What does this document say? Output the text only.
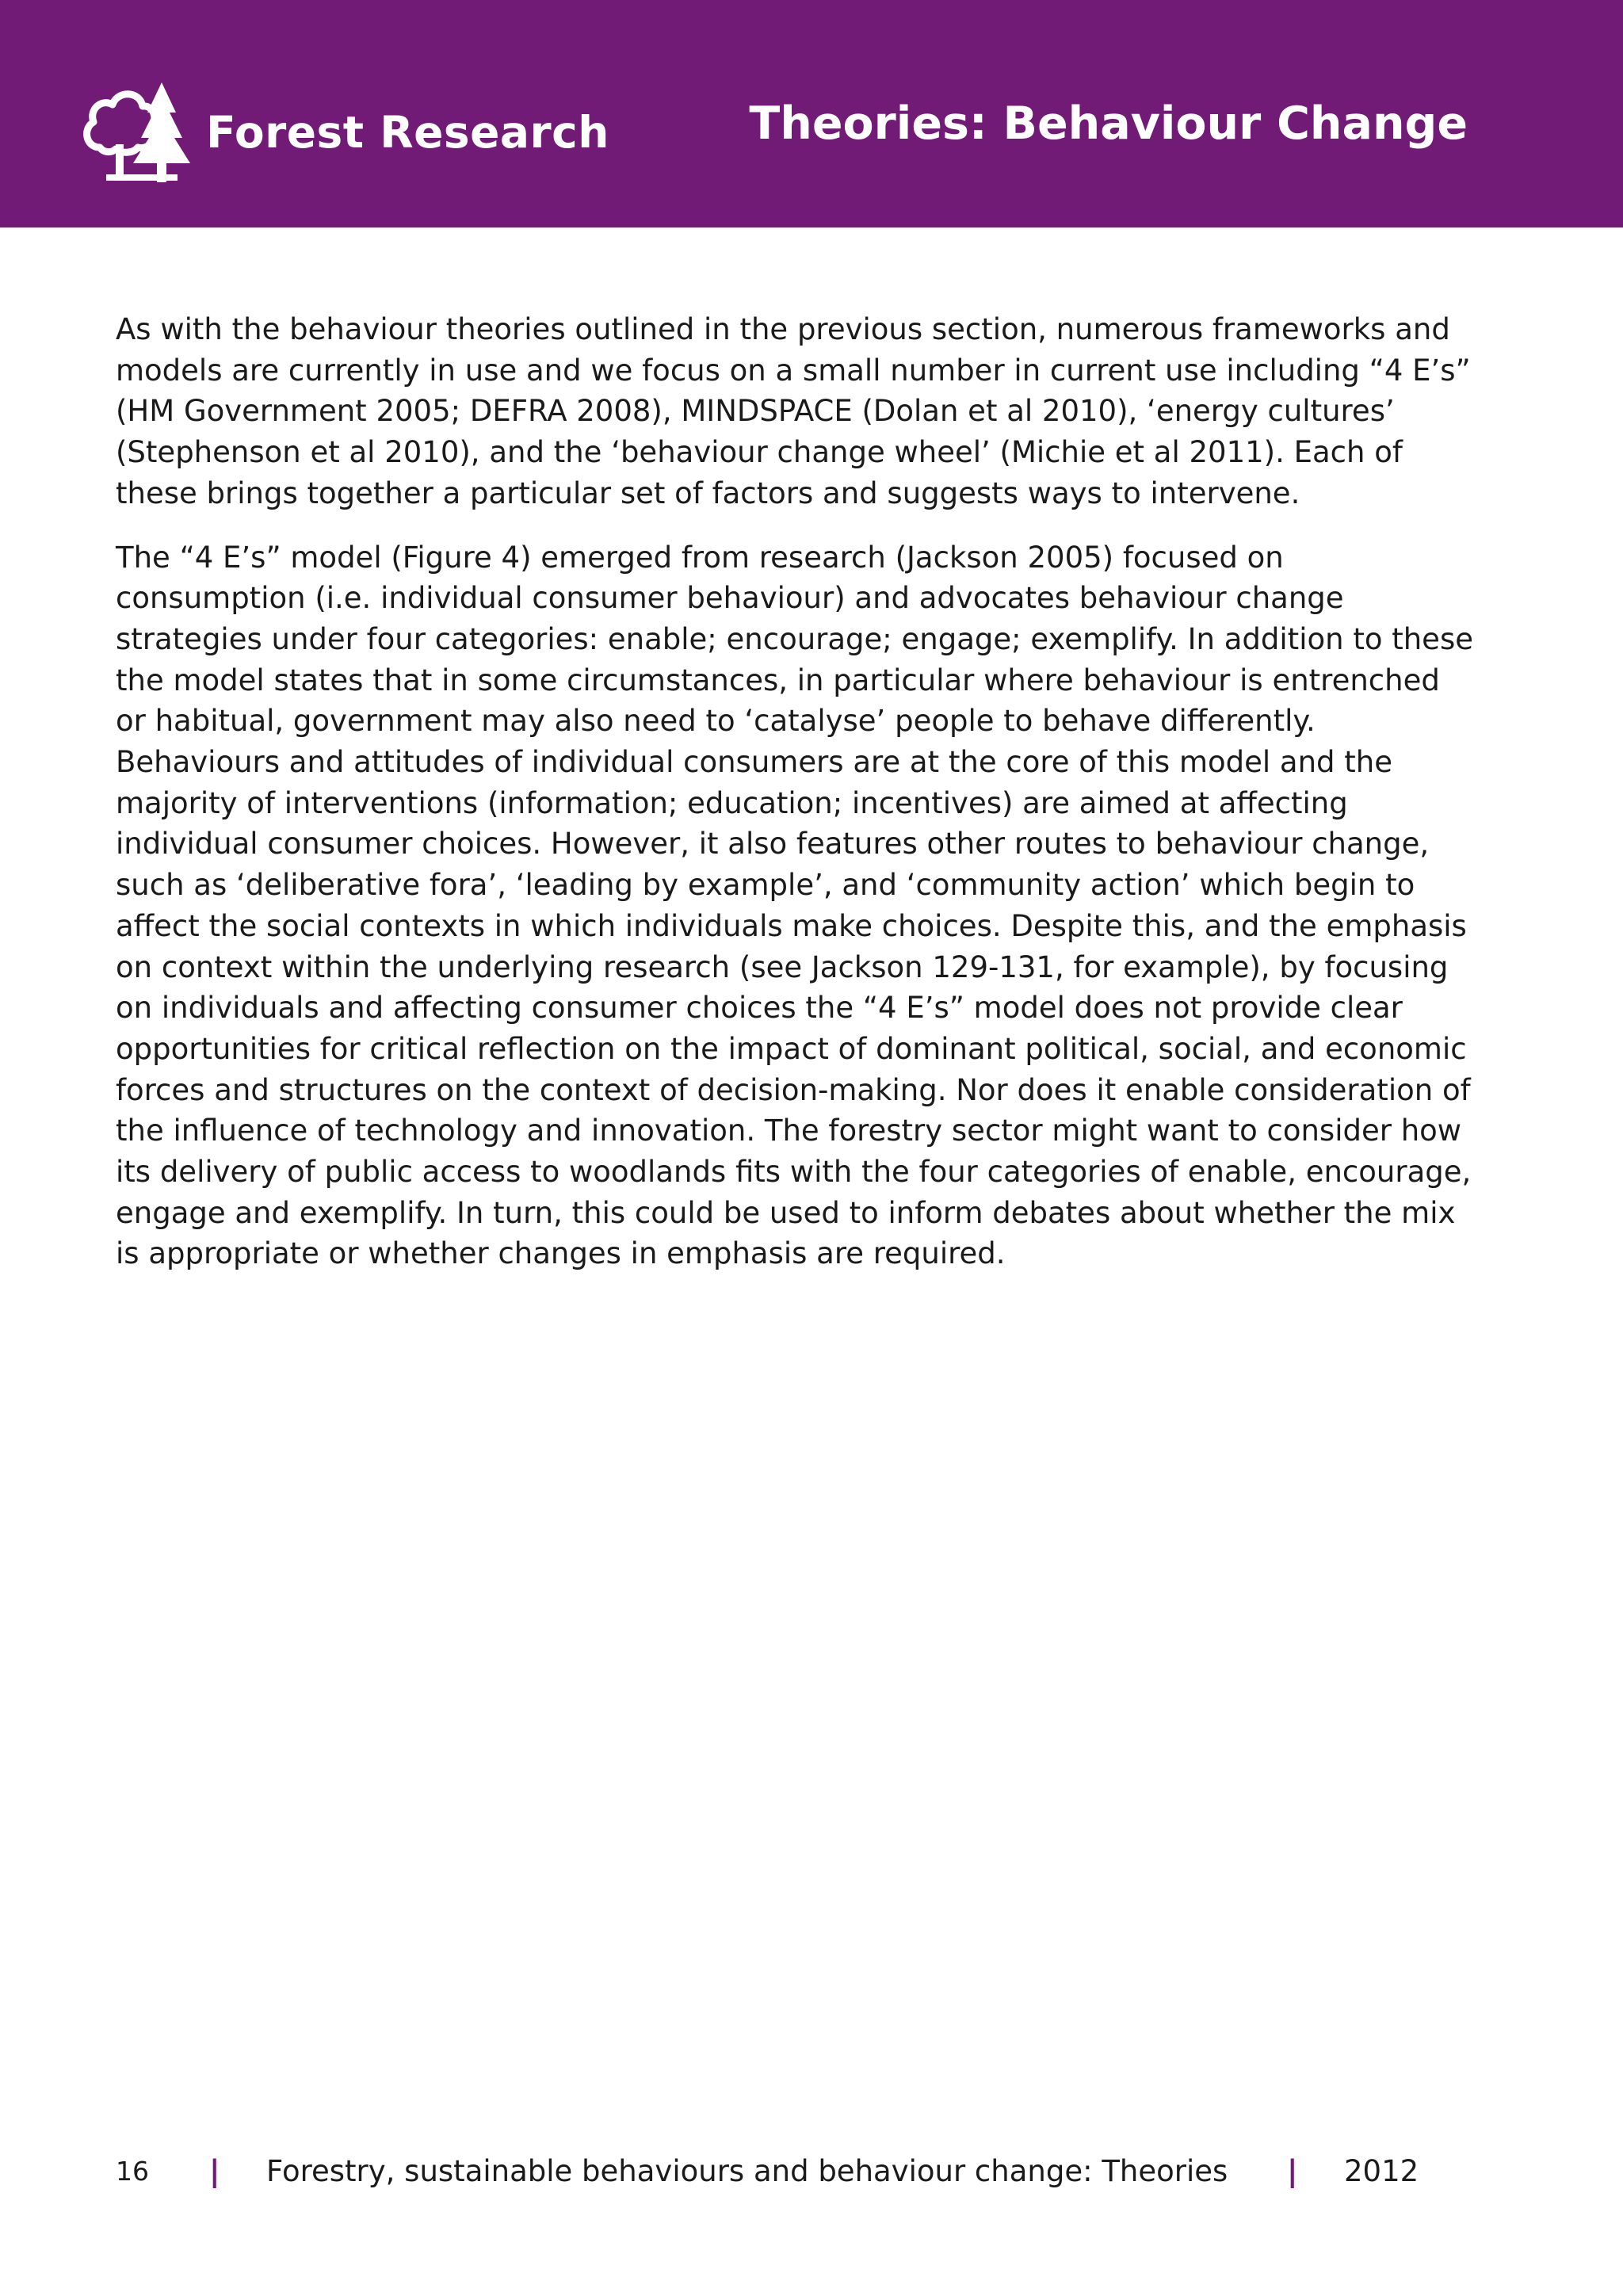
Forest Research	Theories: Behaviour Change

As with the behaviour theories outlined in the previous section, numerous frameworks and models are currently in use and we focus on a small number in current use including “4 E’s” (HM Government 2005; DEFRA 2008), MINDSPACE (Dolan et al 2010), ‘energy cultures’ (Stephenson et al 2010), and the ‘behaviour change wheel’ (Michie et al 2011). Each of these brings together a particular set of factors and suggests ways to intervene.

The “4 E’s” model (Figure 4) emerged from research (Jackson 2005) focused on consumption (i.e. individual consumer behaviour) and advocates behaviour change strategies under four categories: enable; encourage; engage; exemplify. In addition to these the model states that in some circumstances, in particular where behaviour is entrenched or habitual, government may also need to ‘catalyse’ people to behave differently. Behaviours and attitudes of individual consumers are at the core of this model and the majority of interventions (information; education; incentives) are aimed at affecting individual consumer choices. However, it also features other routes to behaviour change, such as ‘deliberative fora’, ‘leading by example’, and ‘community action’ which begin to affect the social contexts in which individuals make choices. Despite this, and the emphasis on context within the underlying research (see Jackson 129-131, for example), by focusing on individuals and affecting consumer choices the “4 E’s” model does not provide clear opportunities for critical reflection on the impact of dominant political, social, and economic forces and structures on the context of decision-making. Nor does it enable consideration of the influence of technology and innovation. The forestry sector might want to consider how its delivery of public access to woodlands fits with the four categories of enable, encourage, engage and exemplify. In turn, this could be used to inform debates about whether the mix is appropriate or whether changes in emphasis are required.

16 | Forestry, sustainable behaviours and behaviour change: Theories | 2012
